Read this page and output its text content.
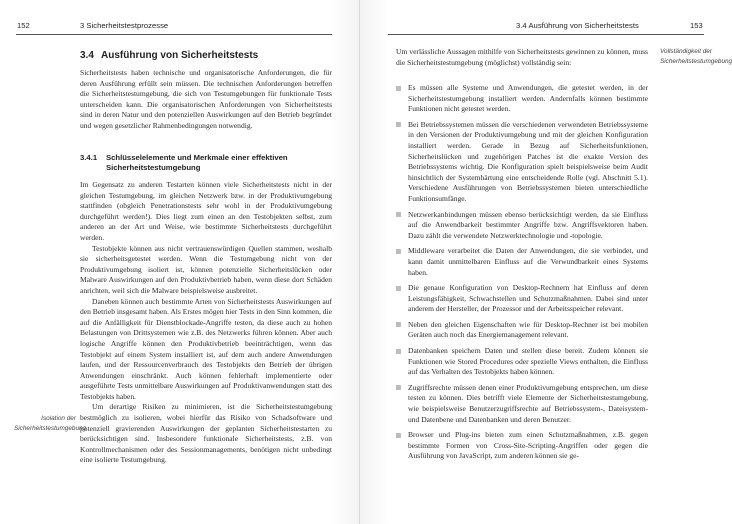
152	3 Sicherheitstestprozesse
3.4 Ausführung von Sicherheitstests

Sicherheitstests haben technische und organisatorische Anforderungen, die für deren Ausführung erfüllt sein müssen. Die technischen Anforderungen betreffen die Sicherheitstestumgebung, die sich von Testumgebungen für funktionale Tests unterscheiden kann. Die organisatorischen Anforderungen von Sicherheitstests sind in deren Natur und den potenziellen Auswirkungen auf den Betrieb begründet und wegen gesetzlicher Rahmenbedingungen notwendig.

3.4.1 Schlüsselelemente und Merkmale einer effektiven Sicherheitstestumgebung

Im Gegensatz zu anderen Testarten können viele Sicherheitstests nicht in der gleichen Testumgebung, im gleichen Netzwerk bzw. in der Produktivumgebung stattfinden (obgleich Penetrationstests sehr wohl in der Produktivumgebung durchgeführt werden!). Dies liegt zum einen an den Testobjekten selbst, zum anderen an der Art und Weise, wie bestimmte Sicherheitstests durchgeführt werden.

Testobjekte können aus nicht vertrauenswürdigen Quellen stammen, weshalb sie sicherheitsgetestet werden. Wenn die Testumgebung nicht von der Produktivumgebung isoliert ist, können potenzielle Sicherheitslücken oder Malware Auswirkungen auf den Produktivbetrieb haben, wenn diese dort Schäden anrichten, weil sich die Malware beispielsweise ausbreitet.

Daneben können auch bestimmte Arten von Sicherheitstests Auswirkungen auf den Betrieb insgesamt haben. Als Erstes mögen hier Tests in den Sinn kommen, die auf die Anfälligkeit für Dienstblockade-Angriffe testen, da diese auch zu hohen Belastungen von Drittsystemen wie z.B. des Netzwerks führen können. Aber auch logische Angriffe können den Produktivbetrieb beeinträchtigen, wenn das Testobjekt auf einem System installiert ist, auf dem auch andere Anwendungen laufen, und der Ressourcenverbrauch des Testobjekts den Betrieb der übrigen Anwendungen einschränkt. Auch können fehlerhaft implementierte oder ausgeführte Tests unmittelbare Auswirkungen auf Produktivanwendungen statt des Testobjekts haben.

Um derartige Risiken zu minimieren, ist die Sicherheitstestumgebung bestmöglich zu isolieren, wobei hierfür das Risiko von Schadsoftware und potenziell gravierenden Auswirkungen der geplanten Sicherheitstestarten zu berücksichtigen sind. Insbesondere funktionale Sicherheitstests, z.B. von Kontrollmechanismen oder des Sessionmanagements, benötigen nicht unbedingt eine isolierte Testumgebung.

Isolation der Sicherheitstestumgebung
3.4 Ausführung von Sicherheitstests	153

Um verlässliche Aussagen mithilfe von Sicherheitstests gewinnen zu können, muss die Sicherheitstestumgebung (möglichst) vollständig sein:

Vollständigkeit der Sicherheitstestumgebung
Es müssen alle Systeme und Anwendungen, die getestet werden, in der Sicherheitstestumgebung installiert werden. Andernfalls können bestimmte Funktionen nicht getestet werden.
Bei Betriebssystemen müssen die verschiedenen verwendeten Betriebssysteme in den Versionen der Produktivumgebung und mit der gleichen Konfiguration installiert werden. Gerade in Bezug auf Sicherheitsfunktionen, Sicherheitslücken und zugehörigen Patches ist die exakte Version des Betriebssystems wichtig. Die Konfiguration spielt beispielsweise beim Audit hinsichtlich der Systemhärtung eine entscheidende Rolle (vgl. Abschnitt 5.1). Verschiedene Ausführungen von Betriebssystemen bieten unterschiedliche Funktionsumfänge.
Netzwerkanbindungen müssen ebenso berücksichtigt werden, da sie Einfluss auf die Anwendbarkeit bestimmter Angriffe bzw. Angriffsvektoren haben. Dazu zählt die verwendete Netzwerktechnologie und -topologie.
Middleware verarbeitet die Daten der Anwendungen, die sie verbindet, und kann damit unmittelbaren Einfluss auf die Verwundbarkeit eines Systems haben.
Die genaue Konfiguration von Desktop-Rechnern hat Einfluss auf deren Leistungsfähigkeit, Schwachstellen und Schutzmaßnahmen. Dabei sind unter anderem der Hersteller, der Prozessor und der Arbeitsspeicher relevant.
Neben den gleichen Eigenschaften wie für Desktop-Rechner ist bei mobilen Geräten auch noch das Energiemanagement relevant.
Datenbanken speichern Daten und stellen diese bereit. Zudem können sie Funktionen wie Stored Procedures oder spezielle Views enthalten, die Einfluss auf das Verhalten des Testobjekts haben können.
Zugriffsrechte müssen denen einer Produktivumgebung entsprechen, um diese testen zu können. Dies betrifft viele Elemente der Sicherheitstestumgebung, wie beispielsweise Benutzerzugriffsrechte auf Betriebssystem-, Dateisystem- und Datenbene und Datenbanken und deren Benutzer.
Browser und Plug-ins bieten zum einen Schutzmaßnahmen, z.B. gegen bestimmte Formen von Cross-Site-Scripting-Angriffen oder gegen die Ausführung von JavaScript, zum anderen können sie ge-
